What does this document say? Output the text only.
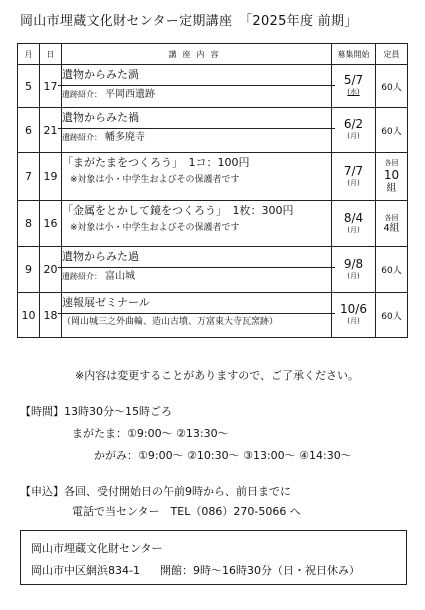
岡山市埋蔵文化財センター定期講座　「2025年度 前期」
月	日	講座内容	募集開始	定員
5	17	遺物からみた渦
遺跡紹介： 平岡西遺跡	5/7
(水)	60人
6	21	遺物からみた禍
遺跡紹介： 幡多廃寺	6/2
(月)	60人
7	19	「まがたまをつくろう」　1コ：100円
※対象は小・中学生およびその保護者です	7/7
(月)	各回
10
組

8	16	「金属をとかして鏡をつくろう」　1枚：300円
※対象は小・中学生およびその保護者です	8/4
(月)	各回
4組

9	20	遺物からみた過
遺跡紹介： 富山城	9/8
(月)	60人
10	18	速報展ゼミナール
（岡山城三之外曲輪、造山古墳、万富東大寺瓦窯跡）	10/6
(月)	60人
※内容は変更することがありますので、ご了承ください。
【時間】13時30分～15時ごろ
まがたま：①9:00～ ②13:30～
かがみ：①9:00～ ②10:30～ ③13:00～ ④14:30～
【申込】各回、受付開始日の午前9時から、前日までに
電話で当センター　TEL（086）270-5066 へ
岡山市埋蔵文化財センター
岡山市中区網浜834-1 開館：9時～16時30分（日・祝日休み）
